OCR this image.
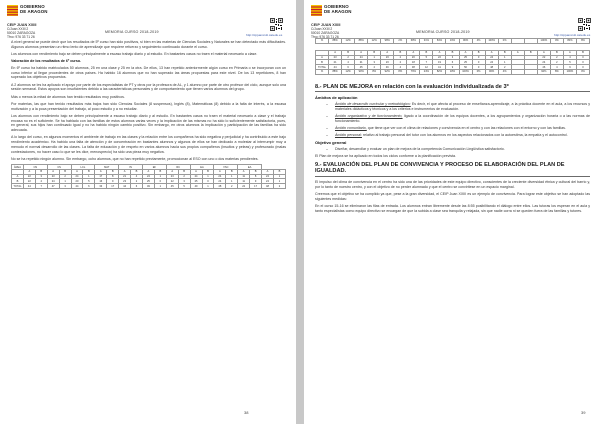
GOBIERNO
DE ARAGON
CEIP JUAN XXIII
C/Juan XXIII 2
50010 ZARAGOZA
Tfno: 976 33 71 26
MEMORIA CURSO 2018-2019
http://cpjuanxxiii.catedu.es

A nivel general se puede decir que los resultados de 5º curso han sido positivos, si bien en las materias de Ciencias Sociales y Naturales se han detectado más dificultades. Algunos alumnos presentan un ritmo lento de aprendizaje que requiere refuerzo y seguimiento continuado durante el curso.

Los alumnos con rendimiento bajo se deben principalmente a escaso trabajo diario y al estudio. En bastantes casos no traen el material necesario a clase.

Valoración de los resultados de 6º curso.

En 6º curso ha habido matriculados 50 alumnos, 25 en una clase y 25 en la otra. De ellos, 13 han repetido anteriormente algún curso en Primaria o se incorporan con un curso inferior al llegar procedentes de otros países. Ha habido 16 alumnos que no han superado las áreas propuestas para este nivel. De los 13 repetidores, 8 han superado los objetivos propuestos.

A 2 alumnos se les ha aplicado el apoyo por parte de los especialistas de PT y otros por la profesora de AL, y 1 alumno por parte de otro profesor del ciclo, aunque solo una sesión semanal. Estos apoyos son insuficientes debido a las características personales y de comportamiento que tienen varios alumnos del grupo.

Más o menos la mitad de alumnos han tenido resultados muy positivos.

Por materias, las que han tenido resultados más bajos han sido Ciencias Sociales (8 suspensos), Inglés (8), Matemáticas (8) debido a la falta de interés, a la escasa motivación y a la poca presentación del trabajo, al poco estudio y a no estudiar.

Los alumnos con rendimiento bajo se deben principalmente a escaso trabajo diario y al estudio. En bastantes casos no traen el material necesario a clase y el trabajo encasa no es el suficiente. Se ha hablado con las familias de estos alumnos varias veces y la implicación de las mismas no ha sido lo suficientemente satisfactoria, pues, en general, sus hijos han continuado igual y no ha habido ningún cambio positivo. Sin embargo, en otros alumnos la implicación y participación de las familias ha sido adecuada.

A lo largo del curso, en algunos momentos el ambiente de trabajo en las clases y la relación entre los compañeros ha sido negativa y perjudicial y ha contribuido a este bajo rendimiento académico. Ha habido una falta de atención y de concentración en bastantes alumnos y algunos de ellos se han dedicado a molestar al interrumpir muy a menudo el normal desarrollo de las clases. La falta de educación y de respeto en varios alumnos hacia sus propios compañeros (insultos y peleas) y profesorado (malas contestaciones, no hacer caso lo que se les dice, menosprecio) ha sido una pieza muy negativa.

No se ha repetido ningún alumno. Sin embargo, ocho alumnos, que no han repetido previamente, promocionan al ESO con uno o dos materias pendientes.

ÁREA	CN		CS		LCL		MAT		IN		EF		RC		EA		VSC		EA			
	A	B	A	B	A	B	A	B	A	B	A	B	A	B	A	B	A	B	A	B	A	B
A	22	3	23	2	24	1	17	8	21	4	24	1	23	2	24	1	24	1	11	8	24	1
B	22	4	24	1	20	5	16	9	23	2	25	0	22	3	25	0	24	1	11	9	24	1
TOTAL	44	7	47	3	44	6	33	17	44	6	49	1	45	5	49	1	48	2	22	17	48	2
38
GOBIERNO
DE ARAGON
CEIP JUAN XXIII
C/Juan XXIII 2
50010 ZARAGOZA
Tfno: 976 33 71 26
MEMORIA CURSO 2018-2019
http://cpjuanxxiii.catedu.es
%	88%	12%	88%	12%	98%	2%	68%	31%	84%	16%	96%	4%	100%	0%			100%	0%	80%	8%
	A	B	A	B	A	B	A	B	A	B	A	B	A	B	A	B	A	B	A	B
A	23	2	24	1	23	2	20	5	22	3	25	0	24	1			22	2	4	0
B	21	4	21	3	23	2	18	7	19	6	25	0	24	1			24	2	5	0
TOTAL	44	6	45	4	46	4	38	12	41	9	50	0	48	2			46	4	9	0
%	88%	12%	90%	8%	92%	8%	76%	24%	82%	18%	100%	0%	96%	4%			92%	8%	100%	0%
8.- PLAN DE MEJORA en relación con la evaluación individualizada de 3º
Ámbitos de aplicación
– Ámbito de desarrollo curricular y metodológico: Es decir, el que afecta al proceso de enseñanza-aprendizaje, a la práctica docente en el aula, a los recursos y materiales didácticos y técnicos y a los criterios e instrumentos de evaluación.

– Ámbito organizativo y de funcionamiento, ligado a la coordinación de los equipos docentes, a los agrupamientos y organización horaria o a las normas de funcionamiento.

– Ámbito comunitario, que tiene que ver con el clima de relaciones y convivencia en el centro y con las relaciones con el entorno y con las familias.

– Ámbito personal: relativo al trabajo personal del tutor con los alumnos en los aspectos relacionados con la autoestima, la empatía y el autocontrol.

Objetivo general
– Diseñar, desarrollar y evaluar un plan de mejora de la competencia Comunicación Lingüística satisfactorio.

El Plan de mejora se ha aplicado en todos los ciclos conforme a la planificación prevista.

9.- EVALUACIÓN DEL PLAN DE CONVIVENCIA Y PROCESO DE ELABORACIÓN DEL PLAN DE IGUALDAD.

El impulso del clima de convivencia en el centro ha sido una de las prioridades de este equipo directivo, conscientes de la creciente diversidad étnica y cultural del barrio y, por lo tanto de nuestro centro, y con el objetivo de no perder alumnado y que el centro se convirtiese en un espacio marginal.

Creemos que el objetivo se ha cumplido ya que, pese a la gran diversidad, el CEIP Juan XXIII es un ejemplo de convivencia. Para lograr este objetivo se han adoptado las siguientes medidas:

En el curso 15-16 se eliminaron las filas de entrada. Los alumnos entran libremente desde las 8:55 posibilitando el diálogo entre ellos. Las tutoras los esperan en el aula y tanto especialistas como equipo directivo se encargan de que la subida a clase sea tranquila y relajada, sin que nadie corra ni se queden fuera de las familias y tutores.

39
